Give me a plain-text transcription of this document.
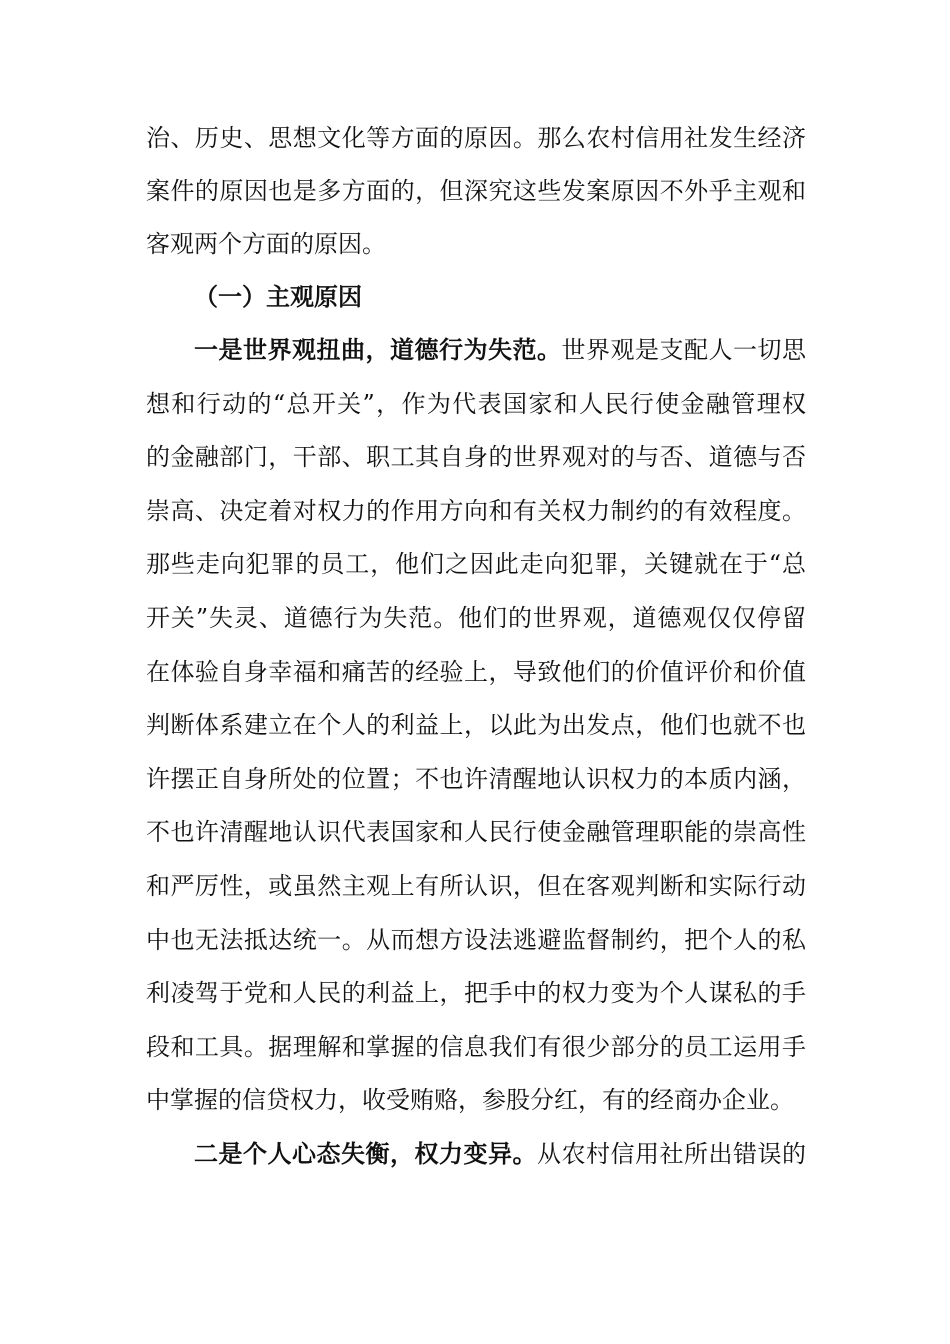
治、历史、思想文化等方面的原因。那么农村信用社发生经济
案件的原因也是多方面的，但深究这些发案原因不外乎主观和
客观两个方面的原因。
（一）主观原因
一是世界观扭曲，道德行为失范。世界观是支配人一切思
想和行动的“总开关”，作为代表国家和人民行使金融管理权
的金融部门，干部、职工其自身的世界观对的与否、道德与否
崇高、决定着对权力的作用方向和有关权力制约的有效程度。
那些走向犯罪的员工，他们之因此走向犯罪，关键就在于“总
开关”失灵、道德行为失范。他们的世界观，道德观仅仅停留
在体验自身幸福和痛苦的经验上，导致他们的价值评价和价值
判断体系建立在个人的利益上，以此为出发点，他们也就不也
许摆正自身所处的位置；不也许清醒地认识权力的本质内涵，
不也许清醒地认识代表国家和人民行使金融管理职能的崇高性
和严厉性，或虽然主观上有所认识，但在客观判断和实际行动
中也无法抵达统一。从而想方设法逃避监督制约，把个人的私
利凌驾于党和人民的利益上，把手中的权力变为个人谋私的手
段和工具。据理解和掌握的信息我们有很少部分的员工运用手
中掌握的信贷权力，收受贿赂，参股分红，有的经商办企业。
二是个人心态失衡，权力变异。从农村信用社所出错误的
